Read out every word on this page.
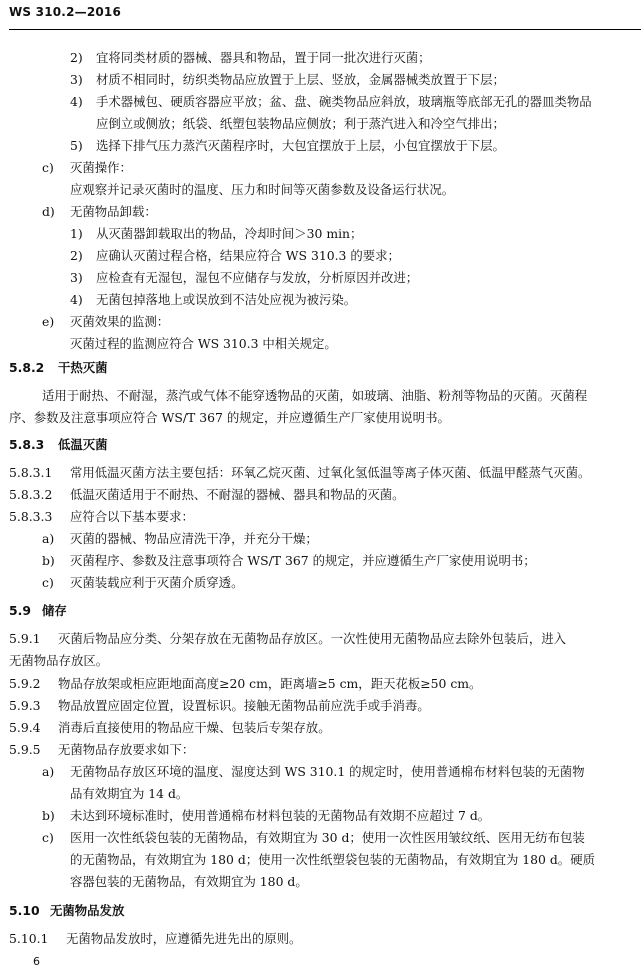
WS 310.2—2016
2) 宜将同类材质的器械、器具和物品，置于同一批次进行灭菌；
3) 材质不相同时，纺织类物品应放置于上层、竖放，金属器械类放置于下层；
4) 手术器械包、硬质容器应平放；盆、盘、碗类物品应斜放，玻璃瓶等底部无孔的器皿类物品
应倒立或侧放；纸袋、纸塑包装物品应侧放；利于蒸汽进入和冷空气排出；
5) 选择下排气压力蒸汽灭菌程序时，大包宜摆放于上层，小包宜摆放于下层。
c) 灭菌操作：
应观察并记录灭菌时的温度、压力和时间等灭菌参数及设备运行状况。
d) 无菌物品卸载：
1) 从灭菌器卸载取出的物品，冷却时间＞30 min；
2) 应确认灭菌过程合格，结果应符合 WS 310.3 的要求；
3) 应检查有无湿包，湿包不应储存与发放，分析原因并改进；
4) 无菌包掉落地上或误放到不洁处应视为被污染。
e) 灭菌效果的监测：
灭菌过程的监测应符合 WS 310.3 中相关规定。
5.8.2 干热灭菌
适用于耐热、不耐湿，蒸汽或气体不能穿透物品的灭菌，如玻璃、油脂、粉剂等物品的灭菌。灭菌程
序、参数及注意事项应符合 WS/T 367 的规定，并应遵循生产厂家使用说明书。
5.8.3 低温灭菌
5.8.3.1 常用低温灭菌方法主要包括：环氧乙烷灭菌、过氧化氢低温等离子体灭菌、低温甲醛蒸气灭菌。
5.8.3.2 低温灭菌适用于不耐热、不耐湿的器械、器具和物品的灭菌。
5.8.3.3 应符合以下基本要求：
a) 灭菌的器械、物品应清洗干净，并充分干燥；
b) 灭菌程序、参数及注意事项符合 WS/T 367 的规定，并应遵循生产厂家使用说明书；
c) 灭菌装载应利于灭菌介质穿透。
5.9 储存
5.9.1 灭菌后物品应分类、分架存放在无菌物品存放区。一次性使用无菌物品应去除外包装后，进入
无菌物品存放区。
5.9.2 物品存放架或柜应距地面高度≥20 cm，距离墙≥5 cm，距天花板≥50 cm。
5.9.3 物品放置应固定位置，设置标识。接触无菌物品前应洗手或手消毒。
5.9.4 消毒后直接使用的物品应干燥、包装后专架存放。
5.9.5 无菌物品存放要求如下：
a) 无菌物品存放区环境的温度、湿度达到 WS 310.1 的规定时，使用普通棉布材料包装的无菌物
品有效期宜为 14 d。
b) 未达到环境标准时，使用普通棉布材料包装的无菌物品有效期不应超过 7 d。
c) 医用一次性纸袋包装的无菌物品，有效期宜为 30 d；使用一次性医用皱纹纸、医用无纺布包装
的无菌物品，有效期宜为 180 d；使用一次性纸塑袋包装的无菌物品，有效期宜为 180 d。硬质
容器包装的无菌物品，有效期宜为 180 d。
5.10 无菌物品发放
5.10.1 无菌物品发放时，应遵循先进先出的原则。
6
